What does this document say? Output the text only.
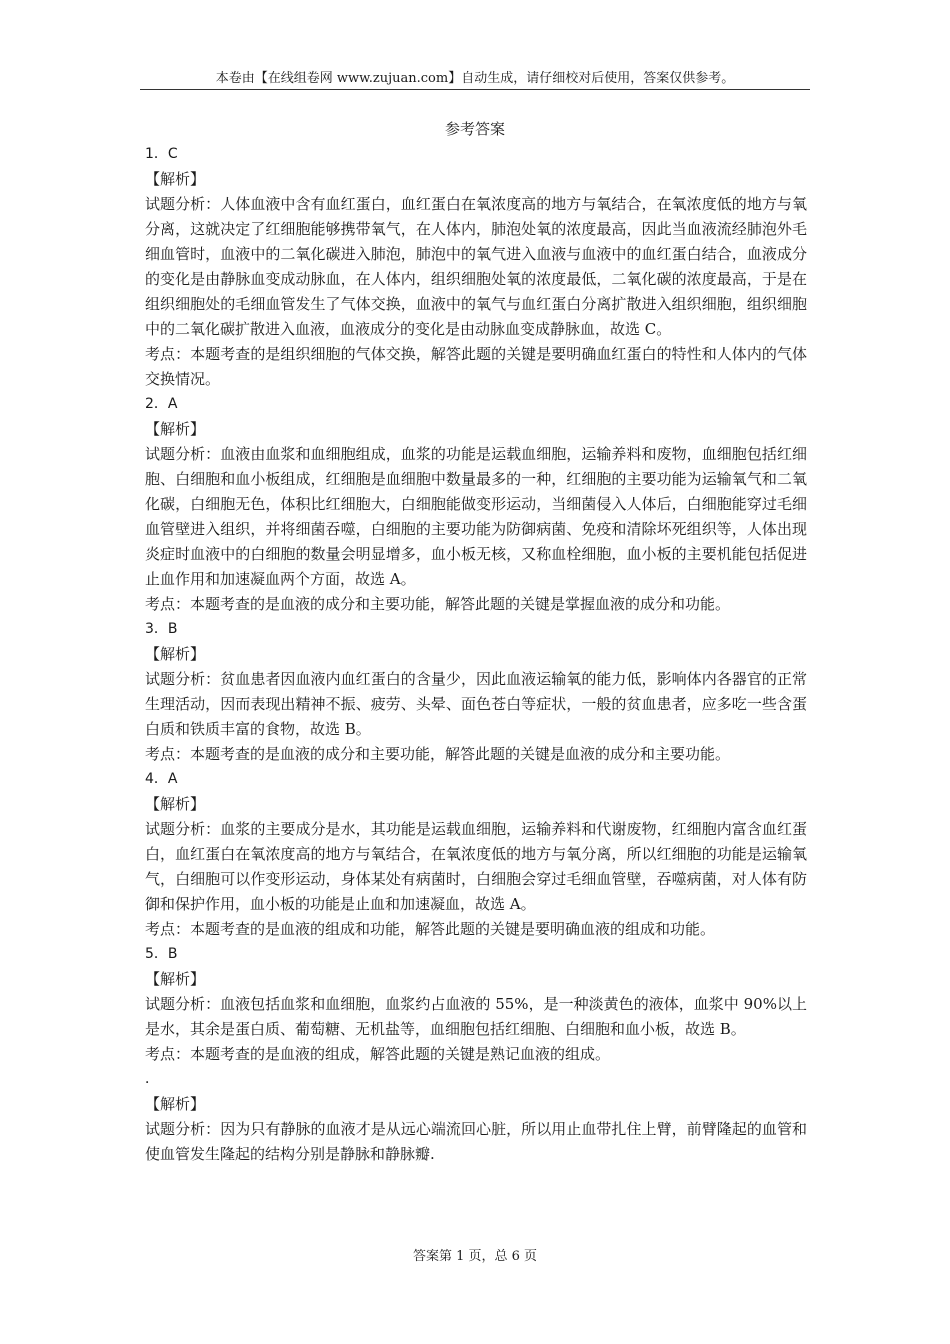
本卷由【在线组卷网 www.zujuan.com】自动生成，请仔细校对后使用，答案仅供参考。
参考答案

1．C

【解析】

试题分析：人体血液中含有血红蛋白，血红蛋白在氧浓度高的地方与氧结合，在氧浓度低的地方与氧分离，这就决定了红细胞能够携带氧气，在人体内，肺泡处氧的浓度最高，因此当血液流经肺泡外毛细血管时，血液中的二氧化碳进入肺泡，肺泡中的氧气进入血液与血液中的血红蛋白结合，血液成分的变化是由静脉血变成动脉血，在人体内，组织细胞处氧的浓度最低，二氧化碳的浓度最高，于是在组织细胞处的毛细血管发生了气体交换，血液中的氧气与血红蛋白分离扩散进入组织细胞，组织细胞中的二氧化碳扩散进入血液，血液成分的变化是由动脉血变成静脉血，故选 C。

考点：本题考查的是组织细胞的气体交换，解答此题的关键是要明确血红蛋白的特性和人体内的气体交换情况。

2．A

【解析】

试题分析：血液由血浆和血细胞组成，血浆的功能是运载血细胞，运输养料和废物，血细胞包括红细胞、白细胞和血小板组成，红细胞是血细胞中数量最多的一种，红细胞的主要功能为运输氧气和二氧化碳，白细胞无色，体积比红细胞大，白细胞能做变形运动，当细菌侵入人体后，白细胞能穿过毛细血管壁进入组织，并将细菌吞噬，白细胞的主要功能为防御病菌、免疫和清除坏死组织等，人体出现炎症时血液中的白细胞的数量会明显增多，血小板无核，又称血栓细胞，血小板的主要机能包括促进止血作用和加速凝血两个方面，故选 A。

考点：本题考查的是血液的成分和主要功能，解答此题的关键是掌握血液的成分和功能。

3．B

【解析】

试题分析：贫血患者因血液内血红蛋白的含量少，因此血液运输氧的能力低，影响体内各器官的正常生理活动，因而表现出精神不振、疲劳、头晕、面色苍白等症状，一般的贫血患者，应多吃一些含蛋白质和铁质丰富的食物，故选 B。

考点：本题考查的是血液的成分和主要功能，解答此题的关键是血液的成分和主要功能。

4．A

【解析】

试题分析：血浆的主要成分是水，其功能是运载血细胞，运输养料和代谢废物，红细胞内富含血红蛋白，血红蛋白在氧浓度高的地方与氧结合，在氧浓度低的地方与氧分离，所以红细胞的功能是运输氧气，白细胞可以作变形运动，身体某处有病菌时，白细胞会穿过毛细血管壁，吞噬病菌，对人体有防御和保护作用，血小板的功能是止血和加速凝血，故选 A。

考点：本题考查的是血液的组成和功能，解答此题的关键是要明确血液的组成和功能。

5．B

【解析】

试题分析：血液包括血浆和血细胞，血浆约占血液的 55%，是一种淡黄色的液体，血浆中 90%以上是水，其余是蛋白质、葡萄糖、无机盐等，血细胞包括红细胞、白细胞和血小板，故选 B。

考点：本题考查的是血液的组成，解答此题的关键是熟记血液的组成。

．

【解析】

试题分析：因为只有静脉的血液才是从远心端流回心脏，所以用止血带扎住上臂，前臂隆起的血管和使血管发生隆起的结构分别是静脉和静脉瓣.

答案第 1 页，总 6 页
